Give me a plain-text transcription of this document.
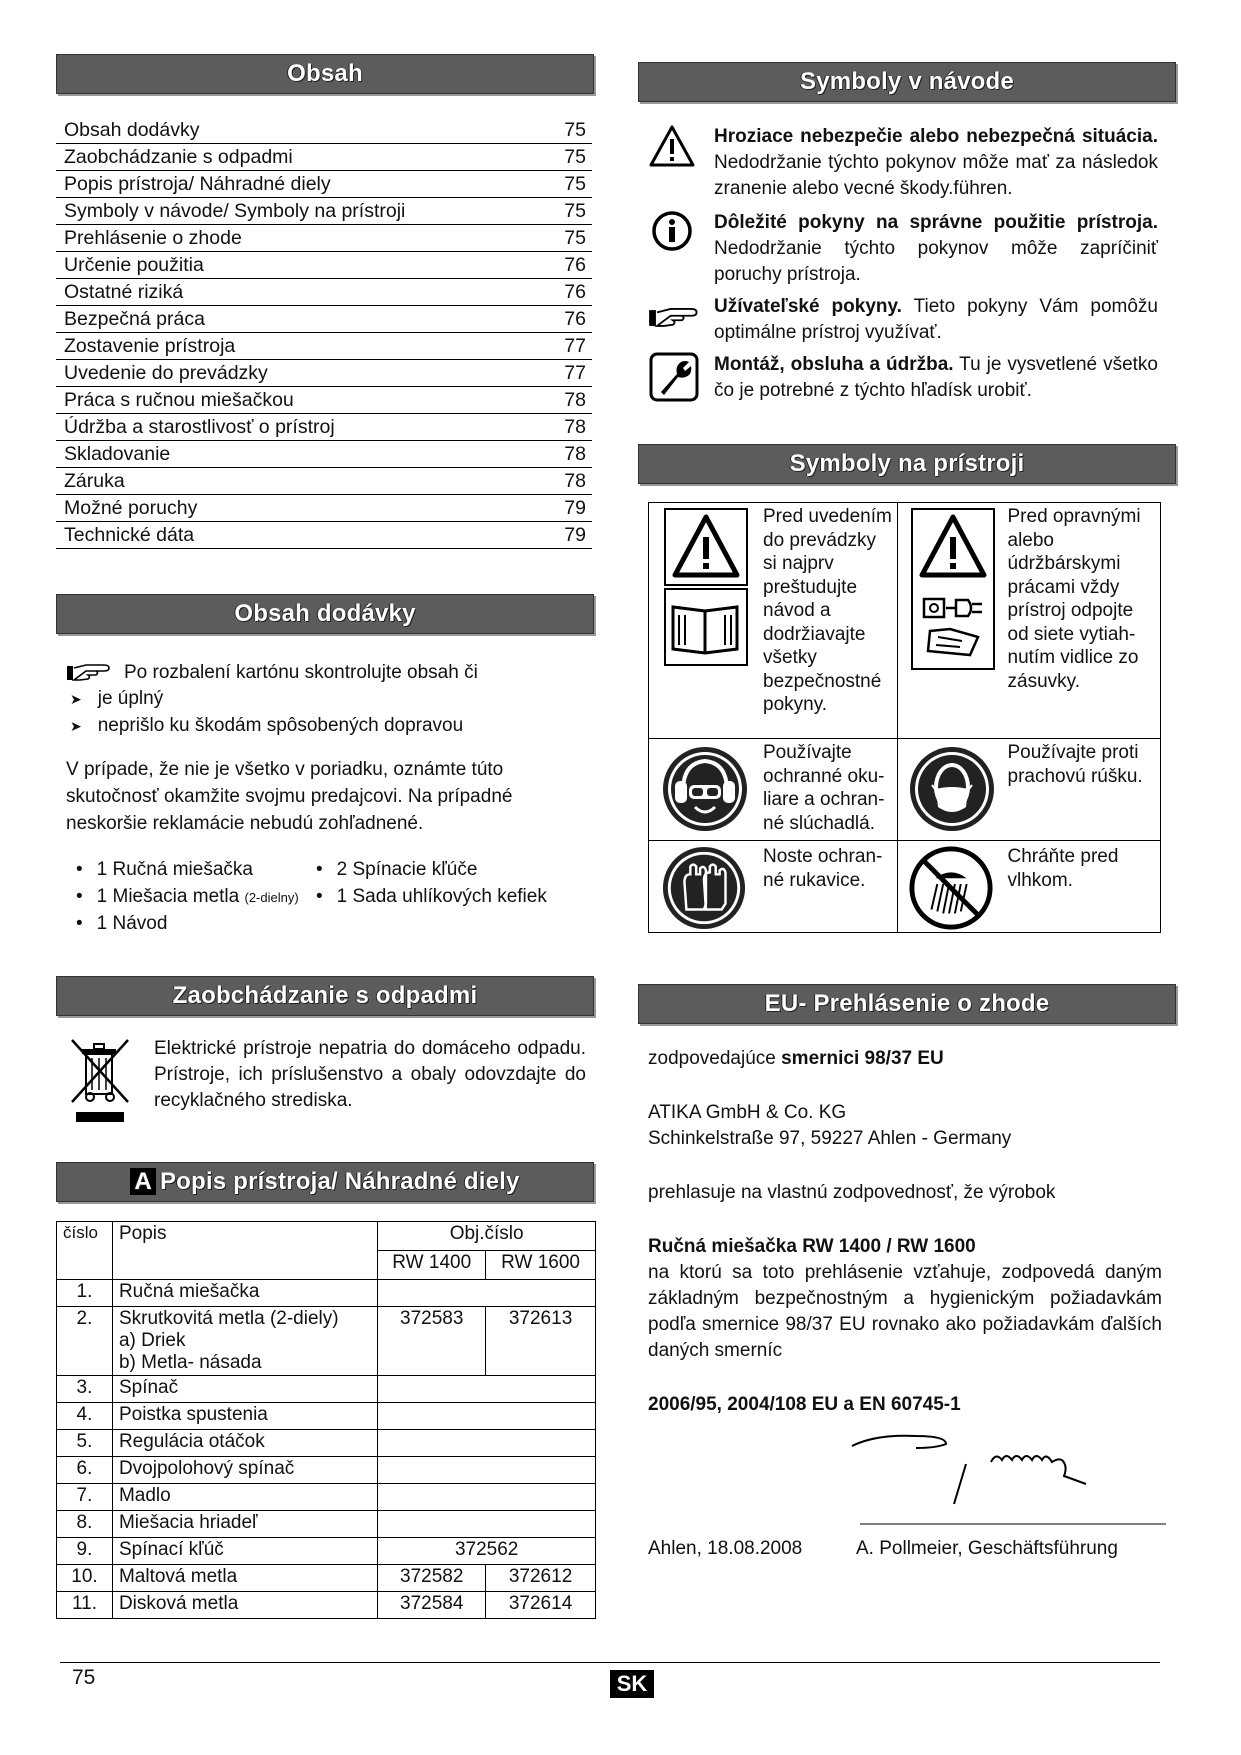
Obsah
Obsah dodávky	75
Zaobchádzanie s odpadmi	75
Popis prístroja/ Náhradné diely	75
Symboly v návode/ Symboly na prístroji	75
Prehlásenie o zhode	75
Určenie použitia	76
Ostatné riziká	76
Bezpečná práca	76
Zostavenie prístroja	77
Uvedenie do prevádzky	77
Práca s ručnou miešačkou	78
Údržba a starostlivosť o prístroj	78
Skladovanie	78
Záruka	78
Možné poruchy	79
Technické dáta	79
Obsah dodávky
Po rozbalení kartónu skontrolujte obsah či
➤ je úplný
➤ neprišlo ku škodám spôsobených dopravou

V prípade, že nie je všetko v poriadku, oznámte túto skutočnosť okamžite svojmu predajcovi. Na prípadné neskoršie reklamácie nebudú zohľadnené.

• 1 Ručná miešačka
• 1 Miešacia metla (2-dielny)
• 1 Návod
• 2 Spínacie kľúče
• 1 Sada uhlíkových kefiek
Zaobchádzanie s odpadmi

Elektrické prístroje nepatria do domáceho odpadu. Prístroje, ich príslušenstvo a obaly odovzdajte do recyklačného strediska.

A Popis prístroja/ Náhradné diely
číslo	Popis	Obj.číslo	
		RW 1400	RW 1600
1.	Ručná miešačka		

2.	Skrutkovitá metla (2-diely)
a) Driek
b) Metla- násada	372583	372613
3.	Spínač		

4.	Poistka spustenia		

5.	Regulácia otáčok		

6.	Dvojpolohový spínač		

7.	Madlo		

8.	Miešacia hriadeľ		

9.	Spínací kľúč	372562	
10.	Maltová metla	372582	372612
11.	Disková metla	372584	372614
Symboly v návode

Hroziace nebezpečie alebo nebezpečná situácia. Nedodržanie týchto pokynov môže mať za následok zranenie alebo vecné škody.führen.

Dôležité pokyny na správne použitie prístroja. Nedodržanie týchto pokynov môže zapríčiniť poruchy prístroja.

Užívateľské pokyny. Tieto pokyny Vám pomôžu optimálne prístroj využívať.

Montáž, obsluha a údržba. Tu je vysvetlené všetko čo je potrebné z týchto hľadísk urobiť.

Symboly na prístroji
Pred uvedením do prevádzky si najprv preštudujte návod a dodržiavajte všetky bezpečnostné pokyny.	Pred opravnými alebo údržbárskymi prácami vždy prístroj odpojte od siete vytiah-nutím vidlice zo zásuvky.

Používajte ochranné oku-liare a ochran-né slúchadlá.	Používajte proti prachovú rúšku.

Noste ochran-né rukavice.	Chráňte pred vlhkom.
EU- Prehlásenie o zhode

zodpovedajúce smernici 98/37 EU

ATIKA GmbH & Co. KG

Schinkelstraße 97, 59227 Ahlen - Germany

prehlasuje na vlastnú zodpovednosť, že výrobok

Ručná miešačka RW 1400 / RW 1600

na ktorú sa toto prehlásenie vzťahuje, zodpovedá daným základným bezpečnostným a hygienickým požiadavkám podľa smernice 98/37 EU rovnako ako požiadavkám ďalších daných smerníc

2006/95, 2004/108 EU a EN 60745-1

Ahlen, 18.08.2008	A. Pollmeier, Geschäftsführung
75	SK
